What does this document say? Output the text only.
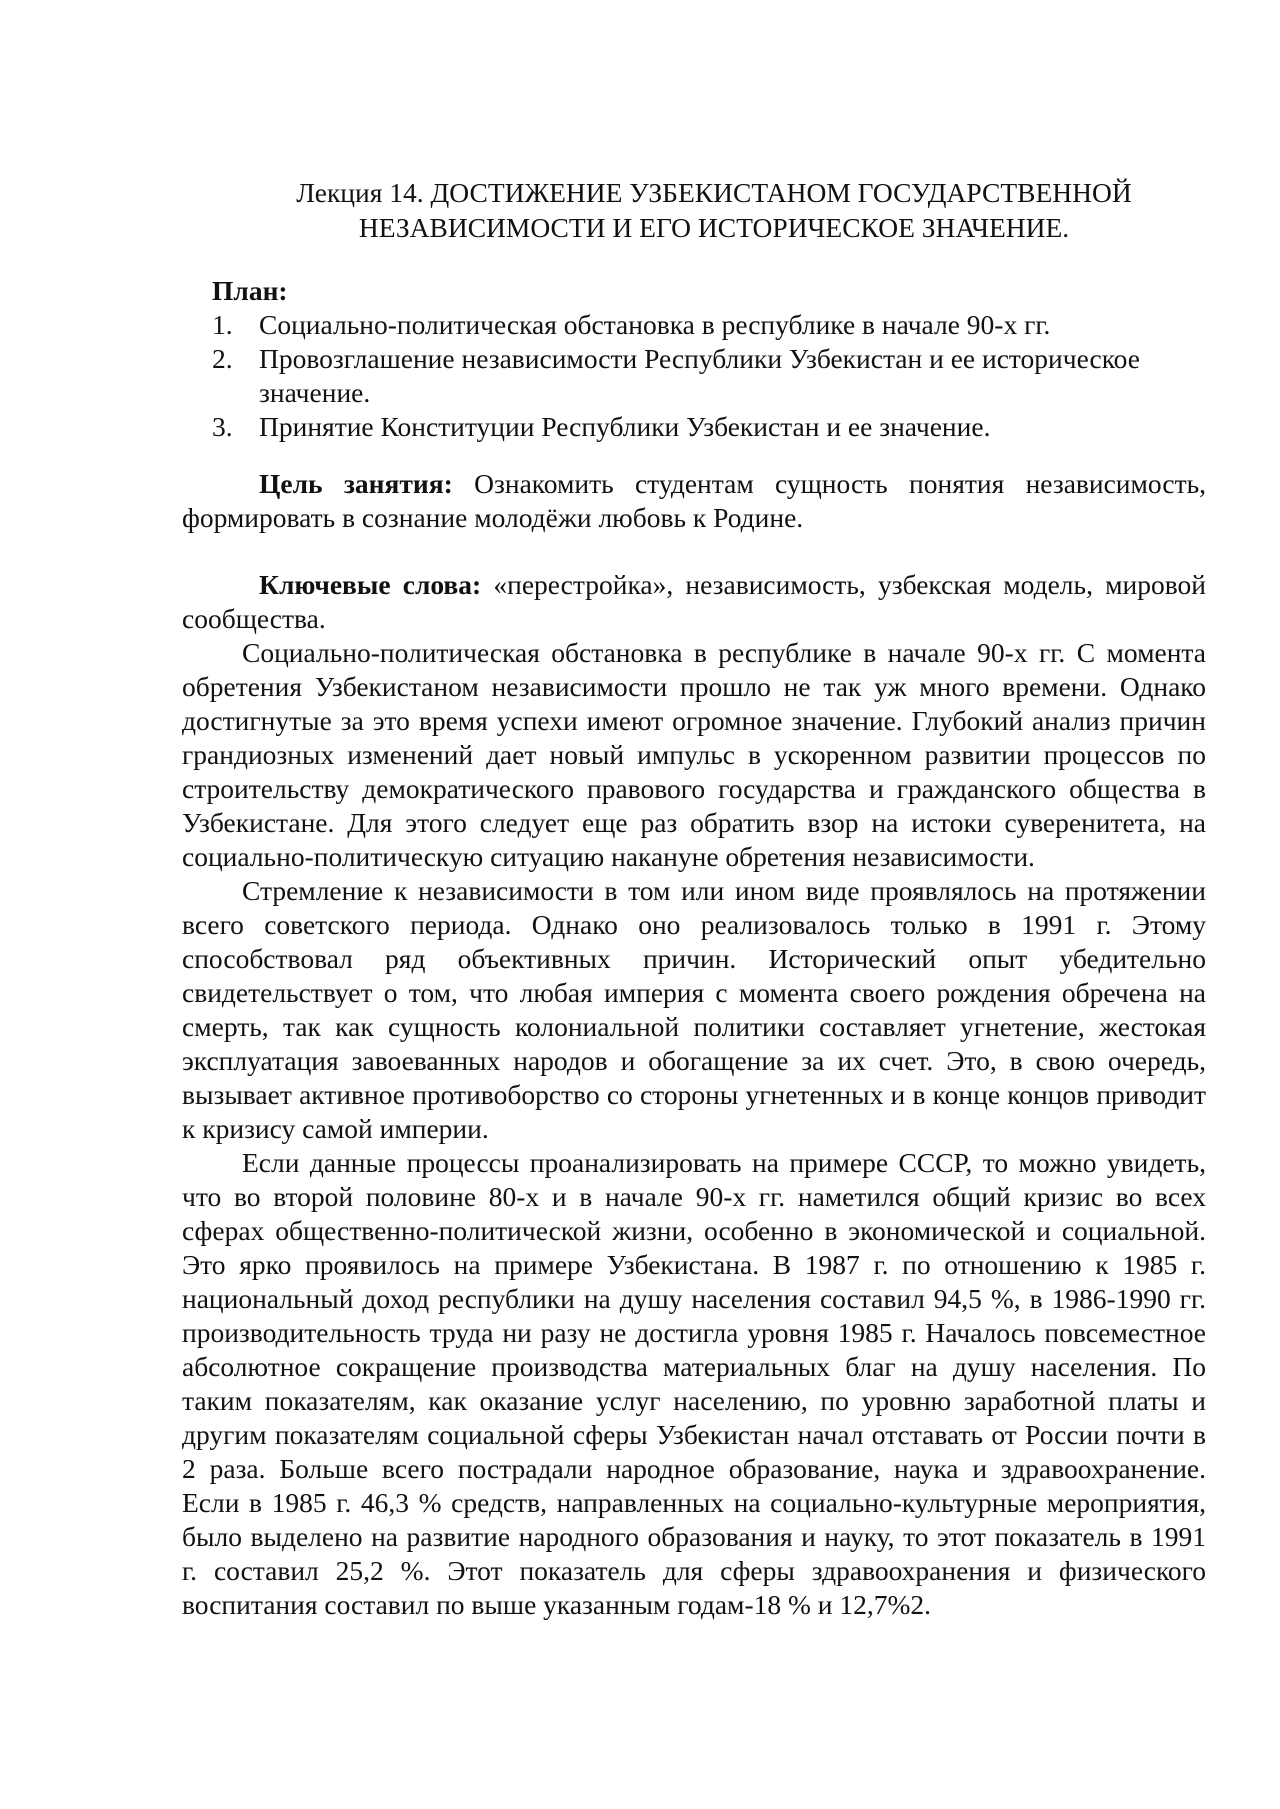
Лекция 14. ДОСТИЖЕНИЕ УЗБЕКИСТАНОМ ГОСУДАРСТВЕННОЙ
НЕЗАВИСИМОСТИ И ЕГО ИСТОРИЧЕСКОЕ ЗНАЧЕНИЕ.

План:

1. Социально-политическая обстановка в республике в начале 90-х гг.
2. Провозглашение независимости Республики Узбекистан и ее историческое значение.
3. Принятие Конституции Республики Узбекистан и ее значение.

Цель занятия: Ознакомить студентам сущность понятия независимость, формировать в сознание молодёжи любовь к Родине.

Ключевые слова: «перестройка», независимость, узбекская модель, мировой сообщества.

Социально-политическая обстановка в республике в начале 90-х гг. С момента обретения Узбекистаном независимости прошло не так уж много времени. Однако достигнутые за это время успехи имеют огромное значение. Глубокий анализ причин грандиозных изменений дает новый импульс в ускоренном развитии процессов по строительству демократического правового государства и гражданского общества в Узбекистане. Для этого следует еще раз обратить взор на истоки суверенитета, на социально-политическую ситуацию накануне обретения независимости.

Стремление к независимости в том или ином виде проявлялось на протяжении всего советского периода. Однако оно реализовалось только в 1991 г. Этому способствовал ряд объективных причин. Исторический опыт убедительно свидетельствует о том, что любая империя с момента своего рождения обречена на смерть, так как сущность колониальной политики составляет угнетение, жестокая эксплуатация завоеванных народов и обогащение за их счет. Это, в свою очередь, вызывает активное противоборство со стороны угнетенных и в конце концов приводит к кризису самой империи.

Если данные процессы проанализировать на примере СССР, то можно увидеть, что во второй половине 80-х и в начале 90-х гг. наметился общий кризис во всех сферах общественно-политической жизни, особенно в экономической и социальной. Это ярко проявилось на примере Узбекистана. В 1987 г. по отношению к 1985 г. национальный доход республики на душу населения составил 94,5 %, в 1986-1990 гг. производительность труда ни разу не достигла уровня 1985 г. Началось повсеместное абсолютное сокращение производства материальных благ на душу населения. По таким показателям, как оказание услуг населению, по уровню заработной платы и другим показателям социальной сферы Узбекистан начал отставать от России почти в 2 раза. Больше всего пострадали народное образование, наука и здравоохранение. Если в 1985 г. 46,3 % средств, направленных на социально-культурные мероприятия, было выделено на развитие народного образования и науку, то этот показатель в 1991 г. составил 25,2 %. Этот показатель для сферы здравоохранения и физического воспитания составил по выше указанным годам-18 % и 12,7%2.
